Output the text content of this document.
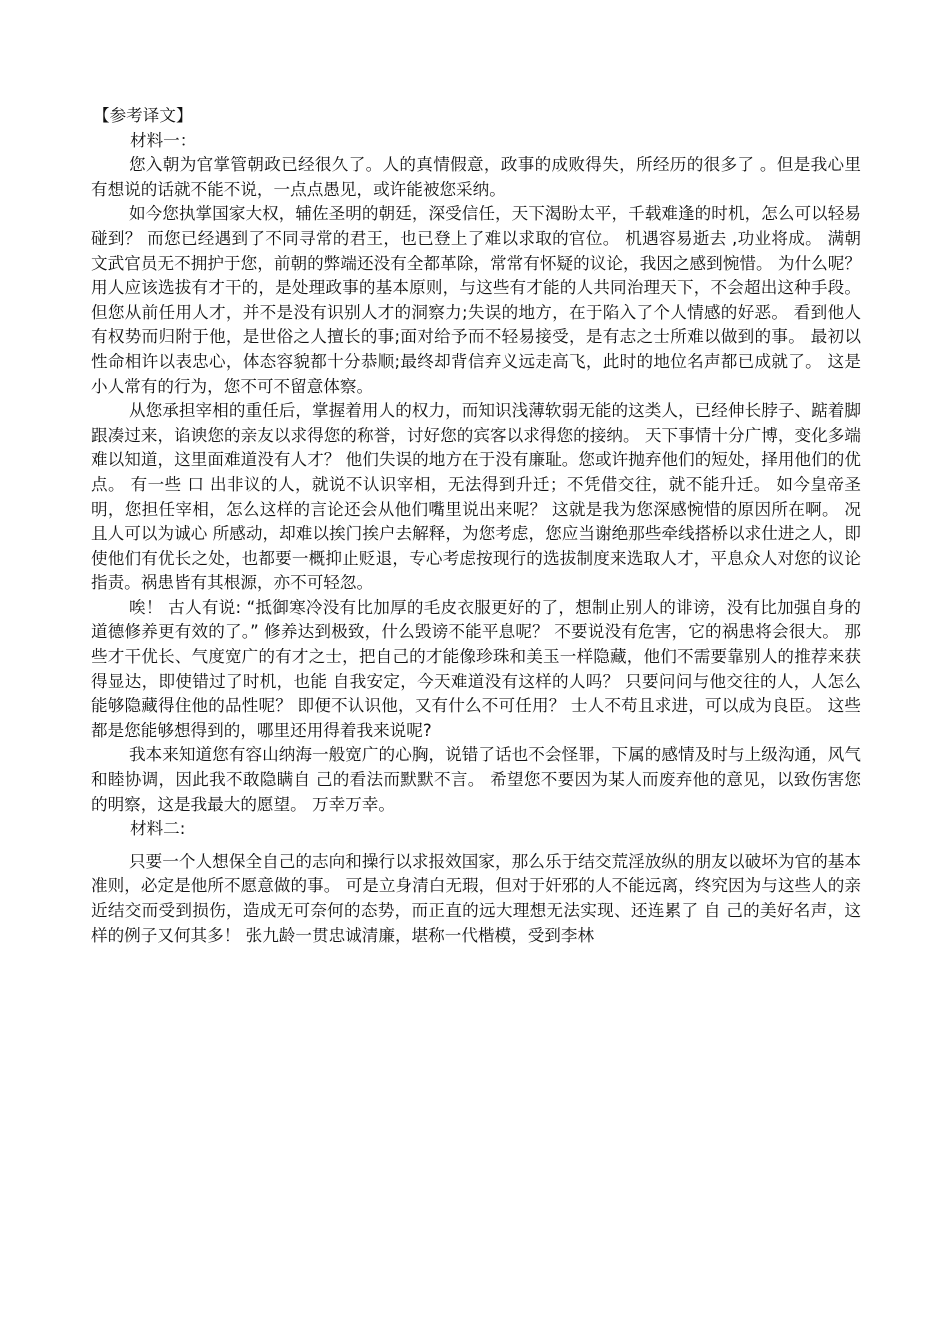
【参考译文】

材料一：

您入朝为官掌管朝政已经很久了。人的真情假意，政事的成败得失，所经历的很多了 。但是我心里有想说的话就不能不说，一点点愚见，或许能被您采纳。

如今您执掌国家大权，辅佐圣明的朝廷，深受信任，天下渴盼太平，千载难逢的时机，怎么可以轻易碰到？ 而您已经遇到了不同寻常的君王，也已登上了难以求取的官位。 机遇容易逝去 ,功业将成。 满朝文武官员无不拥护于您，前朝的弊端还没有全都革除，常常有怀疑的议论，我因之感到惋惜。 为什么呢？ 用人应该选拔有才干的，是处理政事的基本原则，与这些有才能的人共同治理天下，不会超出这种手段。但您从前任用人才，并不是没有识别人才的洞察力;失误的地方，在于陷入了个人情感的好恶。 看到他人有权势而归附于他，是世俗之人擅长的事;面对给予而不轻易接受，是有志之士所难以做到的事。 最初以性命相许以表忠心，体态容貌都十分恭顺;最终却背信弃义远走高飞，此时的地位名声都已成就了。 这是小人常有的行为，您不可不留意体察。

从您承担宰相的重任后，掌握着用人的权力，而知识浅薄软弱无能的这类人，已经伸长脖子、踮着脚跟凑过来，谄谀您的亲友以求得您的称誉，讨好您的宾客以求得您的接纳。 天下事情十分广博，变化多端难以知道，这里面难道没有人才？ 他们失误的地方在于没有廉耻。您或许抛弃他们的短处，择用他们的优点。 有一些 口 出非议的人，就说不认识宰相，无法得到升迁；不凭借交往，就不能升迁。 如今皇帝圣明，您担任宰相，怎么这样的言论还会从他们嘴里说出来呢？ 这就是我为您深感惋惜的原因所在啊。 况且人可以为诚心 所感动，却难以挨门挨户去解释，为您考虑，您应当谢绝那些牵线搭桥以求仕进之人，即使他们有优长之处，也都要一概抑止贬退，专心考虑按现行的选拔制度来选取人才，平息众人对您的议论指责。祸患皆有其根源，亦不可轻忽。

唉！ 古人有说: “抵御寒冷没有比加厚的毛皮衣服更好的了，想制止别人的诽谤，没有比加强自身的道德修养更有效的了。” 修养达到极致，什么毁谤不能平息呢？ 不要说没有危害，它的祸患将会很大。 那些才干优长、气度宽广的有才之士，把自己的才能像珍珠和美玉一样隐藏，他们不需要靠别人的推荐来获得显达，即使错过了时机，也能 自我安定，今天难道没有这样的人吗？ 只要问问与他交往的人，人怎么能够隐藏得住他的品性呢？ 即便不认识他，又有什么不可任用？ 士人不苟且求进，可以成为良臣。 这些都是您能够想得到的，哪里还用得着我来说呢?

我本来知道您有容山纳海一般宽广的心胸，说错了话也不会怪罪，下属的感情及时与上级沟通，风气和睦协调，因此我不敢隐瞒自 己的看法而默默不言。 希望您不要因为某人而废弃他的意见，以致伤害您的明察，这是我最大的愿望。 万幸万幸。

材料二:

只要一个人想保全自己的志向和操行以求报效国家，那么乐于结交荒淫放纵的朋友以破坏为官的基本准则，必定是他所不愿意做的事。 可是立身清白无瑕，但对于奸邪的人不能远离，终究因为与这些人的亲近结交而受到损伤，造成无可奈何的态势，而正直的远大理想无法实现、还连累了 自 己的美好名声，这样的例子又何其多！ 张九龄一贯忠诚清廉，堪称一代楷模，受到李林
